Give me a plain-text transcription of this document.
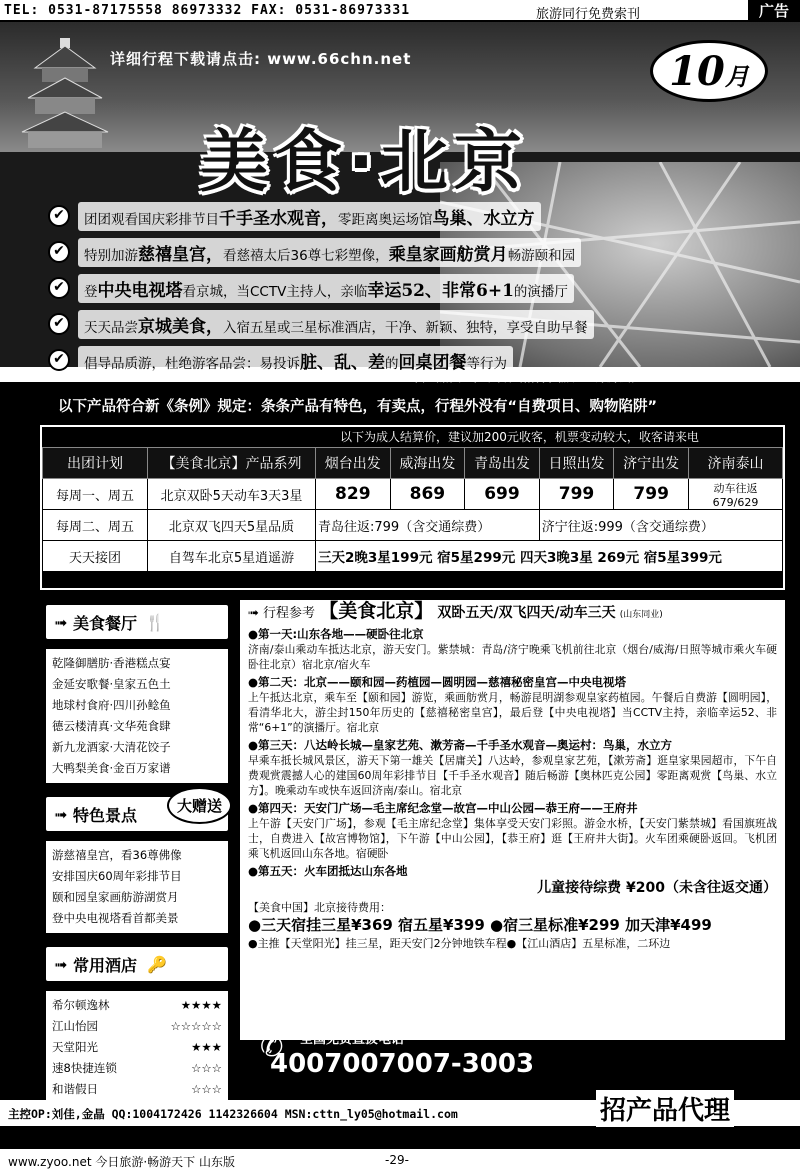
TEL: 0531-87175558 86973332 FAX: 0531-86973331	旅游同行免费索刊	广告
详细行程下载请点击: www.66chn.net	10月
美食·北京
✔	团团观看国庆彩排节目千手圣水观音，零距离奥运场馆鸟巢、水立方
✔	特别加游慈禧皇宫，看慈禧太后36尊七彩塑像，乘皇家画舫赏月畅游颐和园
✔	登中央电视塔看京城，当CCTV主持人，亲临幸运52、非常6+1的演播厅
✔	天天品尝京城美食，入宿五星或三星标准酒店，干净、新颖、独特，享受自助早餐
✔	倡导品质游，杜绝游客品尝：易投诉脏、乱、差的回桌团餐等行为
本产品由“北京博大精深国旅”全案策划
以下产品符合新《条例》规定：条条产品有特色，有卖点，行程外没有“自费项目、购物陷阱”
以下为成人结算价，建议加200元收客，机票变动较大，收客请来电
出团计划	【美食北京】产品系列	烟台出发	威海出发	青岛出发	日照出发	济宁出发	济南泰山
每周一、周五	北京双卧5天动车3天3星	829	869	699	799	799	动车往返679/629
每周二、周五	北京双飞四天5星品质	青岛往返:799（含交通综费）			济宁往返:999（含交通综费）		
天天接团	自驾车北京5星逍遥游	三天2晚3星199元 宿5星299元 四天3晚3星 269元 宿5星399元					
➟ 美食餐厅 🍴
乾隆御膳肪·香港糕点宴
金延安歌餐·皇家五色土
地球村食府·四川孙鲶鱼
德云楼清真·文华苑食肆
新九龙酒家·大清花饺子
大鸭梨美食·金百万家谱
➟ 特色景点	大赠送
游慈禧皇宫，看36尊佛像
安排国庆60周年彩排节目
颐和园皇家画舫游湖赏月
登中央电视塔看首都美景
➟ 常用酒店 🔑
希尔顿逸林	★★★★
江山怡园	☆☆☆☆☆
天堂阳光	★★★
速8快捷连锁	☆☆☆
和谐假日	☆☆☆
➟ 行程参考 【美食北京】 双卧五天/双飞四天/动车三天 (山东同业)
●第一天:山东各地——硬卧往北京
济南/泰山乘动车抵达北京，游天安门。紫禁城：青岛/济宁晚乘飞机前往北京（烟台/威海/日照等城市乘火车硬卧往北京）宿北京/宿火车
●第二天：北京——颐和园—药植园—圆明园—慈禧秘密皇宫—中央电视塔
上午抵达北京，乘车至【颐和园】游览，乘画舫赏月，畅游昆明湖参观皇家药植园。午餐后自费游【圆明园】，看清华北大，游尘封150年历史的【慈禧秘密皇宫】，最后登【中央电视塔】当CCTV主持，亲临幸运52、非常“6+1”的演播厅。宿北京
●第三天：八达岭长城—皇家艺苑、漱芳斋—千手圣水观音—奥运村：鸟巢，水立方
早乘车抵长城风景区，游天下第一雄关【居庸关】八达岭，参观皇家艺苑，【漱芳斋】逛皇家果园超市，下午自费观赏震撼人心的建国60周年彩排节目【千手圣水观音】随后畅游【奥林匹克公园】零距离观赏【鸟巢、水立方】。晚乘动车或快车返回济南/泰山。宿北京
●第四天：天安门广场—毛主席纪念堂—故宫—中山公园—恭王府——王府井
上午游【天安门广场】，参观【毛主席纪念堂】集体享受天安门彩照。游金水桥，【天安门紫禁城】看国旗班战士，自费进入【故宫博物馆】，下午游【中山公园】，【恭王府】逛【王府井大街】。火车团乘硬卧返回。飞机团乘飞机返回山东各地。宿硬卧
●第五天：火车团抵达山东各地
儿童接待综费 ¥200（未含往返交通）
【美食中国】北京接待费用：
●三天宿挂三星¥369 宿五星¥399 ●宿三星标准¥299 加天津¥499
●主推【天堂阳光】挂三星，距天安门2分钟地铁车程●【江山酒店】五星标准，二环边
✆ 全国免费直拨电话
4007007007-3003
主控OP:刘佳,金晶 QQ:1004172426 1142326604 MSN:cttn_ly05@hotmail.com	招产品代理
www.zyoo.net 今日旅游·畅游天下 山东版	-29-
